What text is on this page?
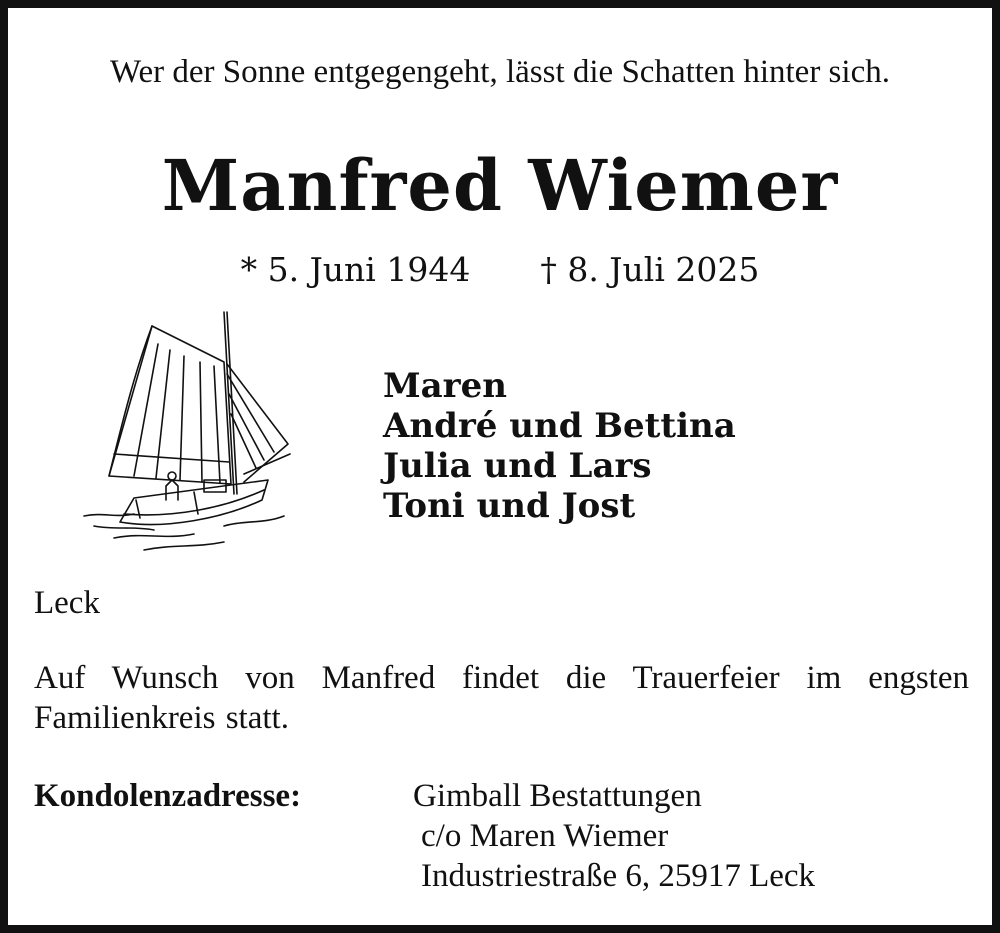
Wer der Sonne entgegengeht, lässt die Schatten hinter sich.
Manfred Wiemer
* 5. Juni 1944 † 8. Juli 2025
Maren
André und Bettina
Julia und Lars
Toni und Jost
Leck
Auf Wunsch von Manfred findet die Trauerfeier im engsten Familienkreis statt.
Kondolenzadresse:	Gimball Bestattungen
c/o Maren Wiemer
Industriestraße 6, 25917 Leck
